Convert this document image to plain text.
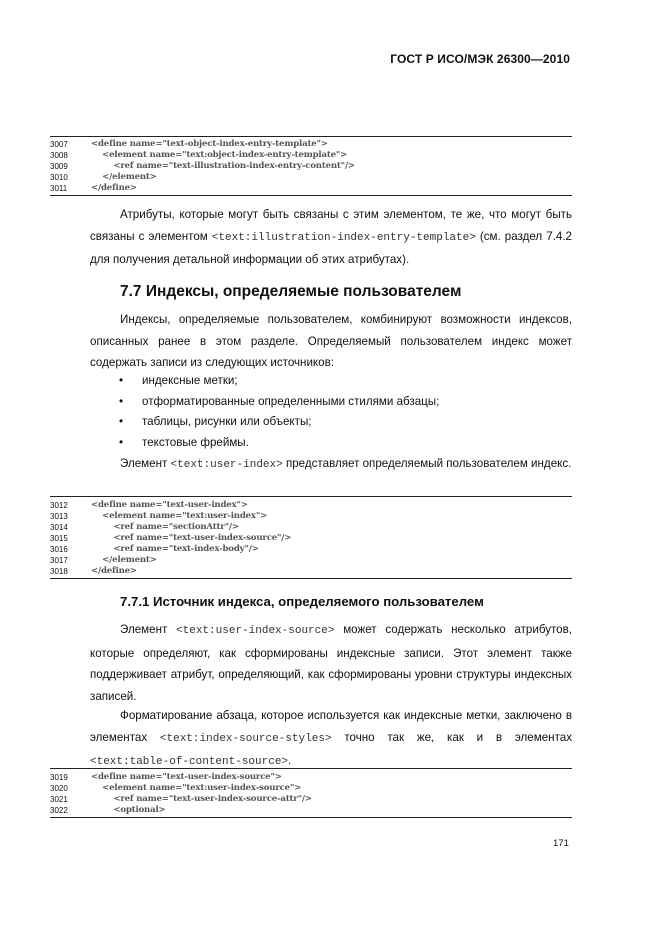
ГОСТ Р ИСО/МЭК 26300—2010
3007	<define name="text-object-index-entry-template">
3008	<element name="text:object-index-entry-template">
3009	<ref name="text-illustration-index-entry-content"/>
3010	</element>
3011	</define>

Атрибуты, которые могут быть связаны с этим элементом, те же, что могут быть связаны с элементом <text:illustration-index-entry-template> (см. раздел 7.4.2 для получения детальной информации об этих атрибутах).

7.7 Индексы, определяемые пользователем

Индексы, определяемые пользователем, комбинируют возможности индексов, описанных ранее в этом разделе. Определяемый пользователем индекс может содержать записи из следующих источников:

• индексные метки;
• отформатированные определенными стилями абзацы;
• таблицы, рисунки или объекты;
• текстовые фреймы.

Элемент <text:user-index> представляет определяемый пользователем индекс.

3012	<define name="text-user-index">
3013	<element name="text:user-index">
3014	<ref name="sectionAttr"/>
3015	<ref name="text-user-index-source"/>
3016	<ref name="text-index-body"/>
3017	</element>
3018	</define>
7.7.1 Источник индекса, определяемого пользователем

Элемент <text:user-index-source> может содержать несколько атрибутов, которые определяют, как сформированы индексные записи. Этот элемент также поддерживает атрибут, определяющий, как сформированы уровни структуры индексных записей.

Форматирование абзаца, которое используется как индексные метки, заключено в элементах <text:index-source-styles> точно так же, как и в элементах <text:table-of-content-source>.

3019	<define name="text-user-index-source">
3020	<element name="text:user-index-source">
3021	<ref name="text-user-index-source-attr"/>
3022	<optional>
171
